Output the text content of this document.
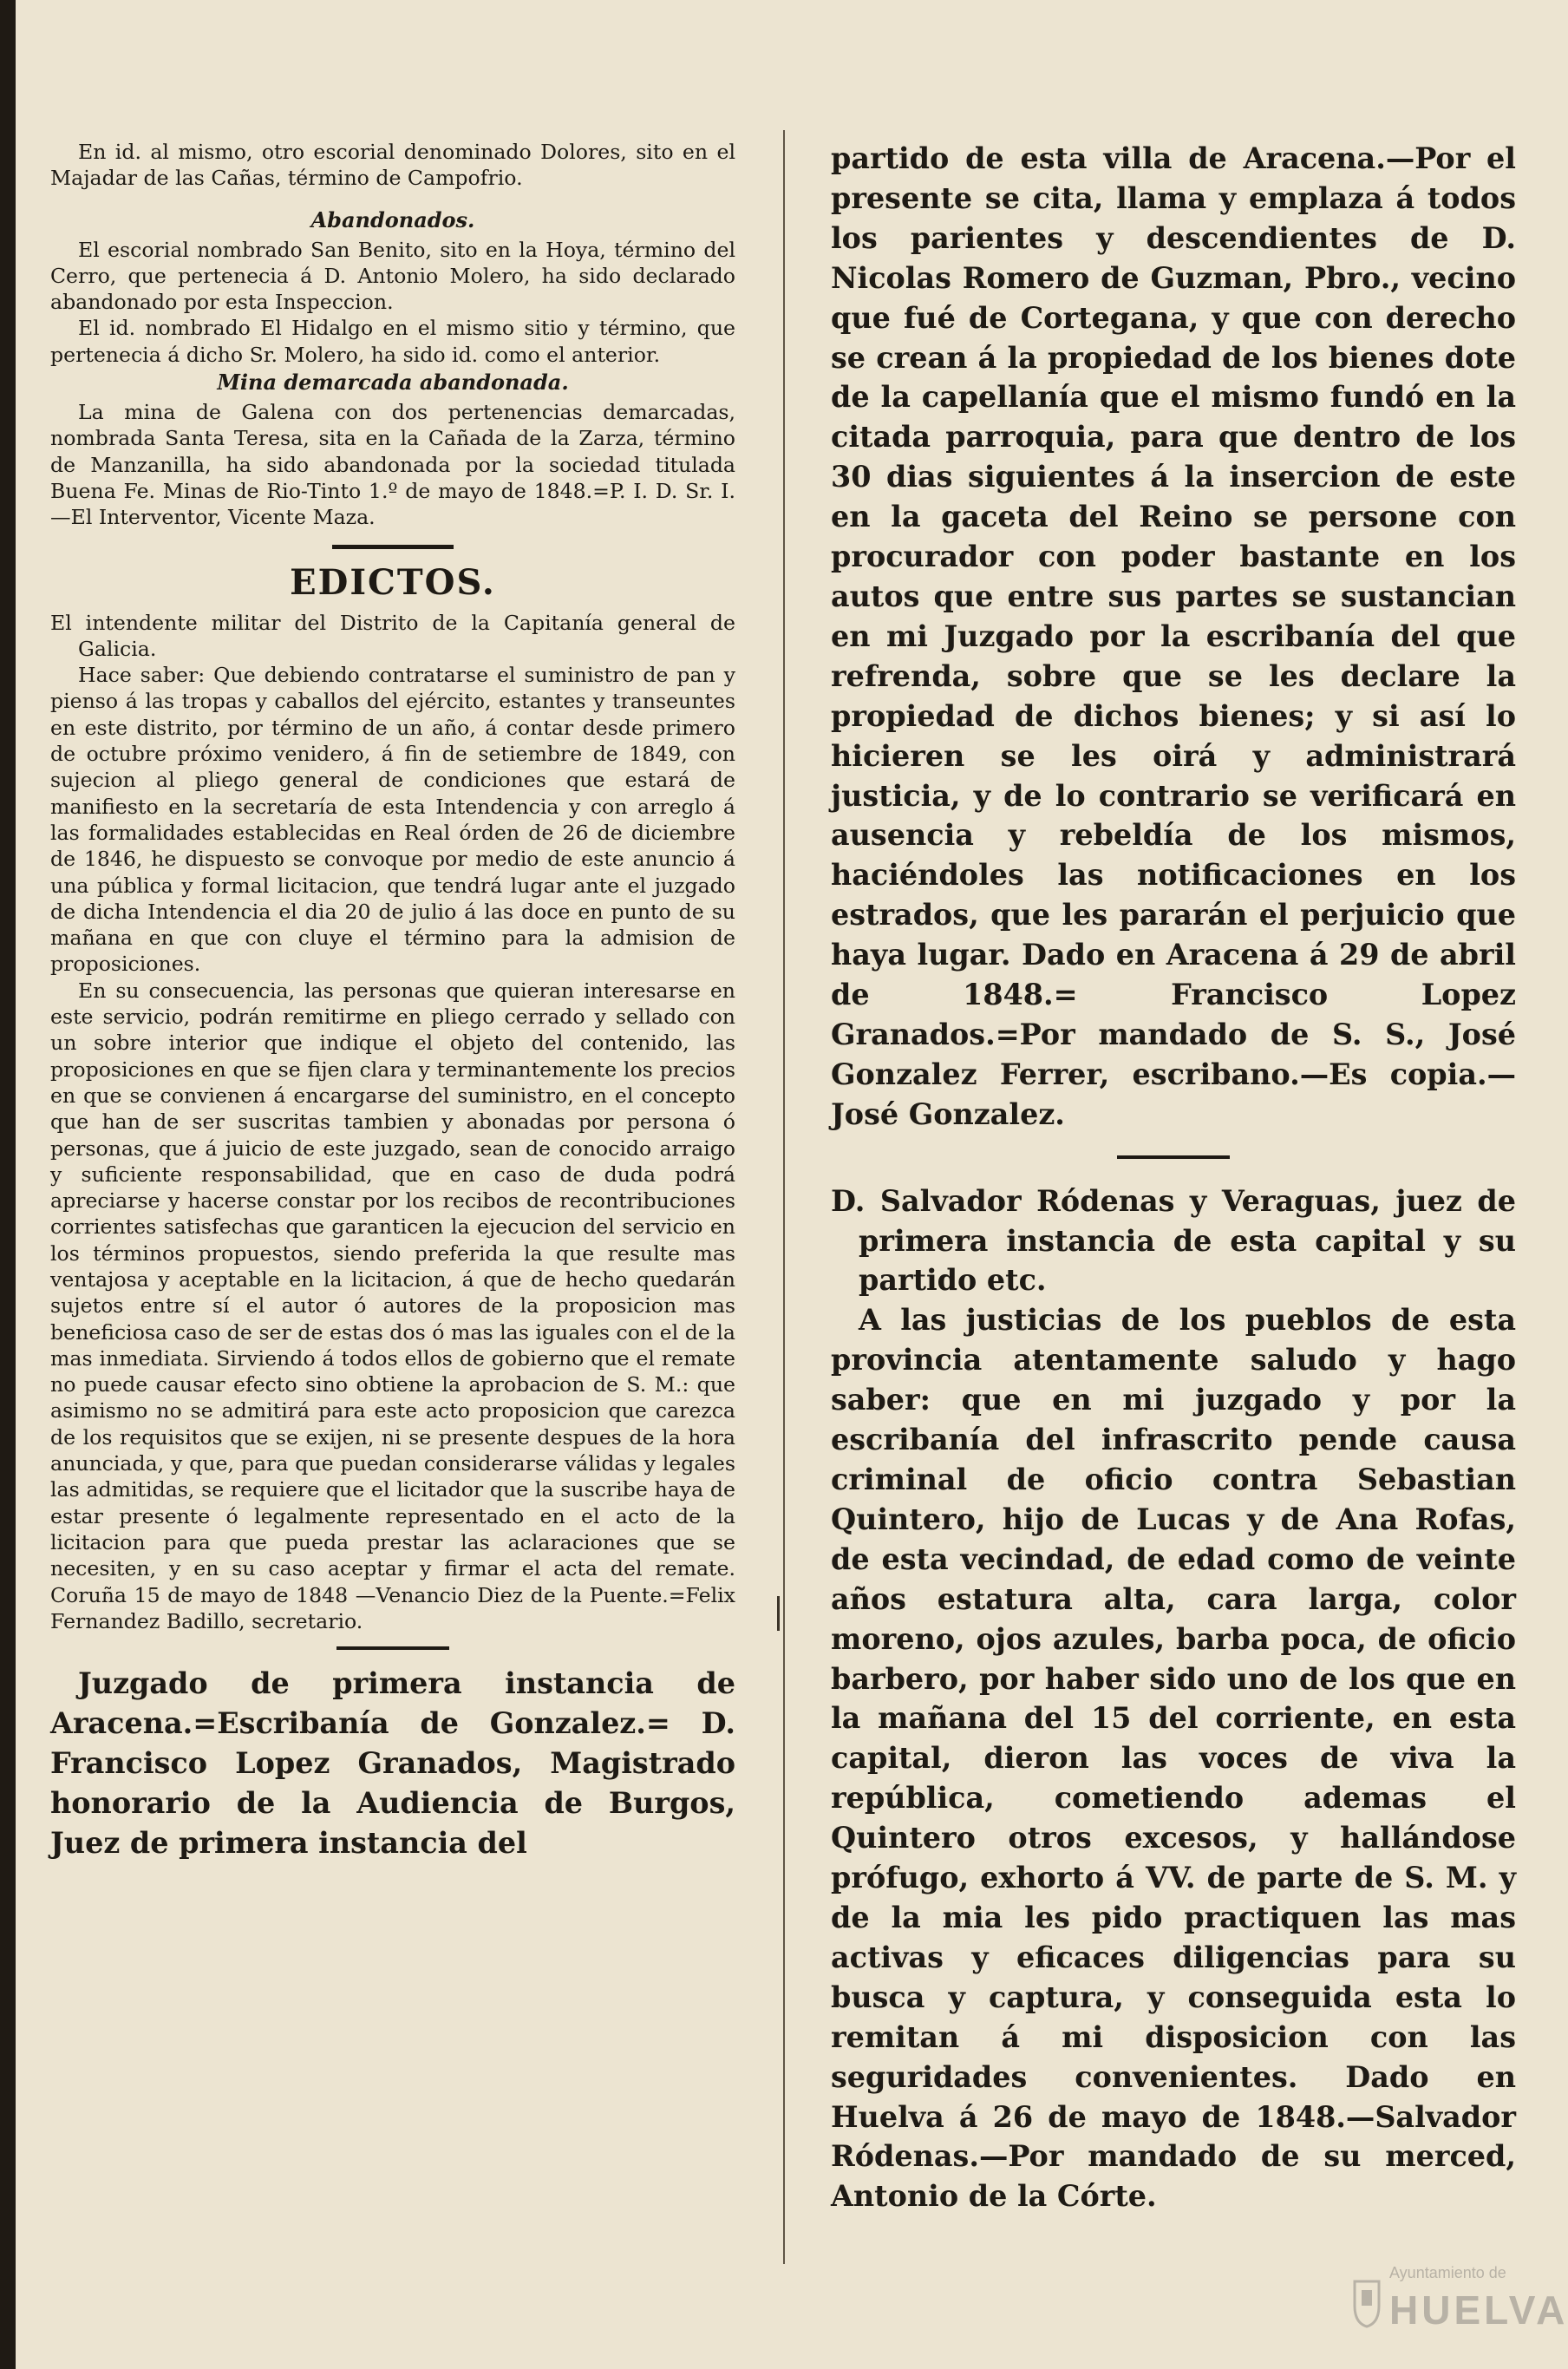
En id. al mismo, otro escorial denominado Dolores, sito en el Majadar de las Cañas, término de Campofrio.

Abandonados.

El escorial nombrado San Benito, sito en la Hoya, término del Cerro, que pertenecia á D. Antonio Molero, ha sido declarado abandonado por esta Inspeccion.

El id. nombrado El Hidalgo en el mismo sitio y término, que pertenecia á dicho Sr. Molero, ha sido id. como el anterior.

Mina demarcada abandonada.

La mina de Galena con dos pertenencias demarcadas, nombrada Santa Teresa, sita en la Cañada de la Zarza, término de Manzanilla, ha sido abandonada por la sociedad titulada Buena Fe. Minas de Rio-Tinto 1.º de mayo de 1848.=P. I. D. Sr. I.—El Interventor, Vicente Maza.

EDICTOS.

El intendente militar del Distrito de la Capitanía general de Galicia.

Hace saber: Que debiendo contratarse el suministro de pan y pienso á las tropas y caballos del ejército, estantes y transeuntes en este distrito, por término de un año, á contar desde primero de octubre próximo venidero, á fin de setiembre de 1849, con sujecion al pliego general de condiciones que estará de manifiesto en la secretaría de esta Intendencia y con arreglo á las formalidades establecidas en Real órden de 26 de diciembre de 1846, he dispuesto se convoque por medio de este anuncio á una pública y formal licitacion, que tendrá lugar ante el juzgado de dicha Intendencia el dia 20 de julio á las doce en punto de su mañana en que con cluye el término para la admision de proposiciones.

En su consecuencia, las personas que quieran interesarse en este servicio, podrán remitirme en pliego cerrado y sellado con un sobre interior que indique el objeto del contenido, las proposiciones en que se fijen clara y terminantemente los precios en que se convienen á encargarse del suministro, en el concepto que han de ser suscritas tambien y abonadas por persona ó personas, que á juicio de este juzgado, sean de conocido arraigo y suficiente responsabilidad, que en caso de duda podrá apreciarse y hacerse constar por los recibos de recontribuciones corrientes satisfechas que garanticen la ejecucion del servicio en los términos propuestos, siendo preferida la que resulte mas ventajosa y aceptable en la licitacion, á que de hecho quedarán sujetos entre sí el autor ó autores de la proposicion mas beneficiosa caso de ser de estas dos ó mas las iguales con el de la mas inmediata. Sirviendo á todos ellos de gobierno que el remate no puede causar efecto sino obtiene la aprobacion de S. M.: que asimismo no se admitirá para este acto proposicion que carezca de los requisitos que se exijen, ni se presente despues de la hora anunciada, y que, para que puedan considerarse válidas y legales las admitidas, se requiere que el licitador que la suscribe haya de estar presente ó legalmente representado en el acto de la licitacion para que pueda prestar las aclaraciones que se necesiten, y en su caso aceptar y firmar el acta del remate. Coruña 15 de mayo de 1848 —Venancio Diez de la Puente.=Felix Fernandez Badillo, secretario.

Juzgado de primera instancia de Aracena.=Escribanía de Gonzalez.= D. Francisco Lopez Granados, Magistrado honorario de la Audiencia de Burgos, Juez de primera instancia del

partido de esta villa de Aracena.—Por el presente se cita, llama y emplaza á todos los parientes y descendientes de D. Nicolas Romero de Guzman, Pbro., vecino que fué de Cortegana, y que con derecho se crean á la propiedad de los bienes dote de la capellanía que el mismo fundó en la citada parroquia, para que dentro de los 30 dias siguientes á la insercion de este en la gaceta del Reino se persone con procurador con poder bastante en los autos que entre sus partes se sustancian en mi Juzgado por la escribanía del que refrenda, sobre que se les declare la propiedad de dichos bienes; y si así lo hicieren se les oirá y administrará justicia, y de lo contrario se verificará en ausencia y rebeldía de los mismos, haciéndoles las notificaciones en los estrados, que les pararán el perjuicio que haya lugar. Dado en Aracena á 29 de abril de 1848.= Francisco Lopez Granados.=Por mandado de S. S., José Gonzalez Ferrer, escribano.—Es copia.—José Gonzalez.

D. Salvador Ródenas y Veraguas, juez de primera instancia de esta capital y su partido etc.

A las justicias de los pueblos de esta provincia atentamente saludo y hago saber: que en mi juzgado y por la escribanía del infrascrito pende causa criminal de oficio contra Sebastian Quintero, hijo de Lucas y de Ana Rofas, de esta vecindad, de edad como de veinte años estatura alta, cara larga, color moreno, ojos azules, barba poca, de oficio barbero, por haber sido uno de los que en la mañana del 15 del corriente, en esta capital, dieron las voces de viva la república, cometiendo ademas el Quintero otros excesos, y hallándose prófugo, exhorto á VV. de parte de S. M. y de la mia les pido practiquen las mas activas y eficaces diligencias para su busca y captura, y conseguida esta lo remitan á mi disposicion con las seguridades convenientes. Dado en Huelva á 26 de mayo de 1848.—Salvador Ródenas.—Por mandado de su merced, Antonio de la Córte.

Ayuntamiento de
HUELVA
